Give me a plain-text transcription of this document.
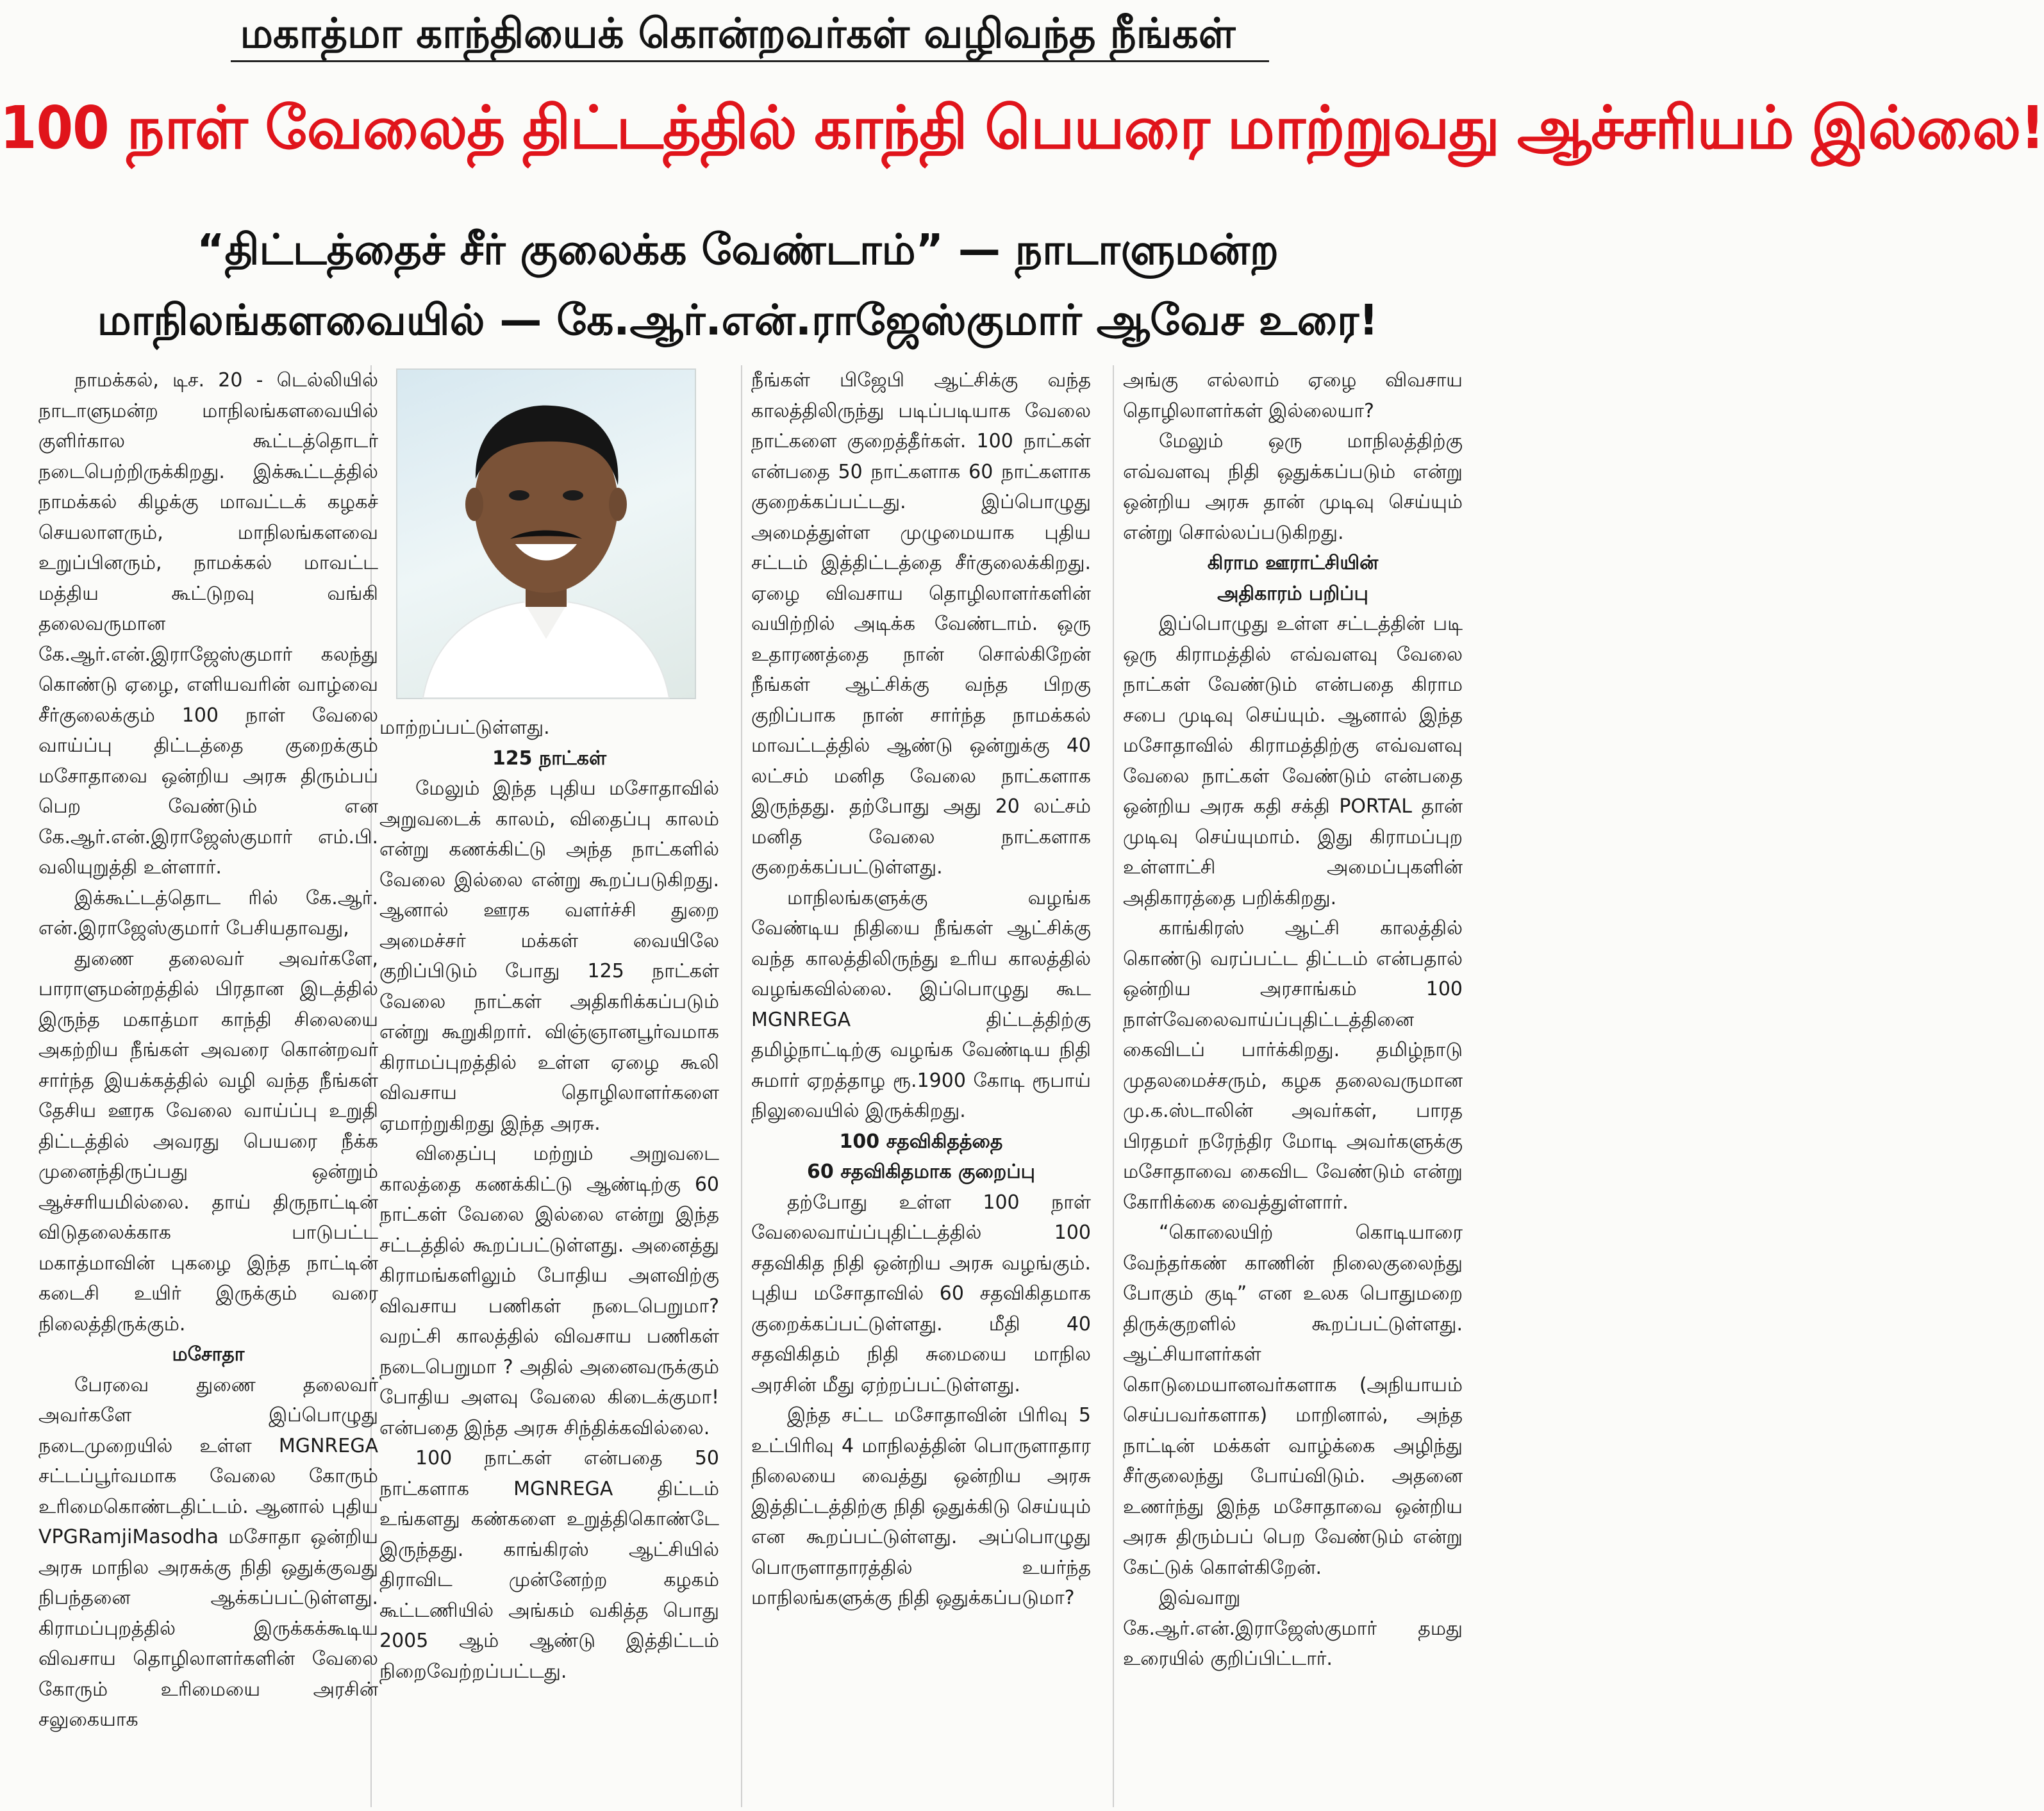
மகாத்மா காந்தியைக் கொன்றவர்கள் வழிவந்த நீங்கள்
100 நாள் வேலைத் திட்டத்தில் காந்தி பெயரை மாற்றுவது ஆச்சரியம் இல்லை!
“திட்டத்தைச் சீர் குலைக்க வேண்டாம்” — நாடாளுமன்ற
மாநிலங்களவையில் — கே.ஆர்.என்.ராஜேஸ்குமார் ஆவேச உரை!

நாமக்கல், டிச. 20 - டெல்லியில் நாடாளுமன்ற மாநிலங்களவையில் குளிர்கால கூட்டத்தொடர் நடைபெற்றிருக்கிறது. இக்கூட்டத்தில் நாமக்கல் கிழக்கு மாவட்டக் கழகச் செயலாளரும், மாநிலங்களவை உறுப்பினரும், நாமக்கல் மாவட்ட மத்திய கூட்டுறவு வங்கி தலைவருமான கே.ஆர்.என்.இராஜேஸ்குமார் கலந்து கொண்டு ஏழை, எளியவரின் வாழ்வை சீர்குலைக்கும் 100 நாள் வேலை வாய்ப்பு திட்டத்தை குறைக்கும் மசோதாவை ஒன்றிய அரசு திரும்பப் பெற வேண்டும் என கே.ஆர்.என்.இராஜேஸ்குமார் எம்.பி. வலியுறுத்தி உள்ளார்.

இக்கூட்டத்தொட ரில் கே.ஆர். என்.இராஜேஸ்குமார் பேசியதாவது,

துணை தலைவர் அவர்களே, பாராளுமன்றத்தில் பிரதான இடத்தில் இருந்த மகாத்மா காந்தி சிலையை அகற்றிய நீங்கள் அவரை கொன்றவர் சார்ந்த இயக்கத்தில் வழி வந்த நீங்கள் தேசிய ஊரக வேலை வாய்ப்பு உறுதி திட்டத்தில் அவரது பெயரை நீக்க முனைந்திருப்பது ஒன்றும் ஆச்சரியமில்லை. தாய் திருநாட்டின் விடுதலைக்காக பாடுபட்ட மகாத்மாவின் புகழை இந்த நாட்டின் கடைசி உயிர் இருக்கும் வரை நிலைத்திருக்கும்.

மசோதா

பேரவை துணை தலைவர் அவர்களே இப்பொழுது நடைமுறையில் உள்ள MGNREGA சட்டப்பூர்வமாக வேலை கோரும் உரிமைகொண்டதிட்டம். ஆனால் புதிய VPGRamjiMasodha மசோதா ஒன்றிய அரசு மாநில அரசுக்கு நிதி ஒதுக்குவது நிபந்தனை ஆக்கப்பட்டுள்ளது. கிராமப்புறத்தில் இருக்கக்கூடிய விவசாய தொழிலாளர்களின் வேலை கோரும் உரிமையை அரசின் சலுகையாக

மாற்றப்பட்டுள்ளது.

125 நாட்கள்

மேலும் இந்த புதிய மசோதாவில் அறுவடைக் காலம், விதைப்பு காலம் என்று கணக்கிட்டு அந்த நாட்களில் வேலை இல்லை என்று கூறப்படுகிறது. ஆனால் ஊரக வளர்ச்சி துறை அமைச்சர் மக்கள் வையிலே குறிப்பிடும் போது 125 நாட்கள் வேலை நாட்கள் அதிகரிக்கப்படும் என்று கூறுகிறார். விஞ்ஞானபூர்வமாக கிராமப்புறத்தில் உள்ள ஏழை கூலி விவசாய தொழிலாளர்களை ஏமாற்றுகிறது இந்த அரசு.

விதைப்பு மற்றும் அறுவடை காலத்தை கணக்கிட்டு ஆண்டிற்கு 60 நாட்கள் வேலை இல்லை என்று இந்த சட்டத்தில் கூறப்பட்டுள்ளது. அனைத்து கிராமங்களிலும் போதிய அளவிற்கு விவசாய பணிகள் நடைபெறுமா? வறட்சி காலத்தில் விவசாய பணிகள் நடைபெறுமா ? அதில் அனைவருக்கும் போதிய அளவு வேலை கிடைக்குமா! என்பதை இந்த அரசு சிந்திக்கவில்லை.

100 நாட்கள் என்பதை 50 நாட்களாக MGNREGA திட்டம் உங்களது கண்களை உறுத்திகொண்டே இருந்தது. காங்கிரஸ் ஆட்சியில் திராவிட முன்னேற்ற கழகம் கூட்டணியில் அங்கம் வகித்த பொது 2005 ஆம் ஆண்டு இத்திட்டம் நிறைவேற்றப்பட்டது.

நீங்கள் பிஜேபி ஆட்சிக்கு வந்த காலத்திலிருந்து படிப்படியாக வேலை நாட்களை குறைத்தீர்கள். 100 நாட்கள் என்பதை 50 நாட்களாக 60 நாட்களாக குறைக்கப்பட்டது. இப்பொழுது அமைத்துள்ள முழுமையாக புதிய சட்டம் இத்திட்டத்தை சீர்குலைக்கிறது. ஏழை விவசாய தொழிலாளர்களின் வயிற்றில் அடிக்க வேண்டாம். ஒரு உதாரணத்தை நான் சொல்கிறேன் நீங்கள் ஆட்சிக்கு வந்த பிறகு குறிப்பாக நான் சார்ந்த நாமக்கல் மாவட்டத்தில் ஆண்டு ஒன்றுக்கு 40 லட்சம் மனித வேலை நாட்களாக இருந்தது. தற்போது அது 20 லட்சம் மனித வேலை நாட்களாக குறைக்கப்பட்டுள்ளது.

மாநிலங்களுக்கு வழங்க வேண்டிய நிதியை நீங்கள் ஆட்சிக்கு வந்த காலத்திலிருந்து உரிய காலத்தில் வழங்கவில்லை. இப்பொழுது கூட MGNREGA திட்டத்திற்கு தமிழ்நாட்டிற்கு வழங்க வேண்டிய நிதி சுமார் ஏறத்தாழ ரூ.1900 கோடி ரூபாய் நிலுவையில் இருக்கிறது.

100 சதவிகிதத்தை

60 சதவிகிதமாக குறைப்பு

தற்போது உள்ள 100 நாள் வேலைவாய்ப்புதிட்டத்தில் 100 சதவிகித நிதி ஒன்றிய அரசு வழங்கும். புதிய மசோதாவில் 60 சதவிகிதமாக குறைக்கப்பட்டுள்ளது. மீதி 40 சதவிகிதம் நிதி சுமையை மாநில அரசின் மீது ஏற்றப்பட்டுள்ளது.

இந்த சட்ட மசோதாவின் பிரிவு 5 உட்பிரிவு 4 மாநிலத்தின் பொருளாதார நிலையை வைத்து ஒன்றிய அரசு இத்திட்டத்திற்கு நிதி ஒதுக்கிடு செய்யும் என கூறப்பட்டுள்ளது. அப்பொழுது பொருளாதாரத்தில் உயர்ந்த மாநிலங்களுக்கு நிதி ஒதுக்கப்படுமா?

அங்கு எல்லாம் ஏழை விவசாய தொழிலாளர்கள் இல்லையா?

மேலும் ஒரு மாநிலத்திற்கு எவ்வளவு நிதி ஒதுக்கப்படும் என்று ஒன்றிய அரசு தான் முடிவு செய்யும் என்று சொல்லப்படுகிறது.

கிராம ஊராட்சியின்

அதிகாரம் பறிப்பு

இப்பொழுது உள்ள சட்டத்தின் படி ஒரு கிராமத்தில் எவ்வளவு வேலை நாட்கள் வேண்டும் என்பதை கிராம சபை முடிவு செய்யும். ஆனால் இந்த மசோதாவில் கிராமத்திற்கு எவ்வளவு வேலை நாட்கள் வேண்டும் என்பதை ஒன்றிய அரசு கதி சக்தி PORTAL தான் முடிவு செய்யுமாம். இது கிராமப்புற உள்ளாட்சி அமைப்புகளின் அதிகாரத்தை பறிக்கிறது.

காங்கிரஸ் ஆட்சி காலத்தில் கொண்டு வரப்பட்ட திட்டம் என்பதால் ஒன்றிய அரசாங்கம் 100 நாள்வேலைவாய்ப்புதிட்டத்தினை கைவிடப் பார்க்கிறது. தமிழ்நாடு முதலமைச்சரும், கழக தலைவருமான மு.க.ஸ்டாலின் அவர்கள், பாரத பிரதமர் நரேந்திர மோடி அவர்களுக்கு மசோதாவை கைவிட வேண்டும் என்று கோரிக்கை வைத்துள்ளார்.

“கொலையிற் கொடியாரை வேந்தர்கண் காணின் நிலைகுலைந்து போகும் குடி” என உலக பொதுமறை திருக்குறளில் கூறப்பட்டுள்ளது. ஆட்சியாளர்கள் கொடுமையானவர்களாக (அநியாயம் செய்பவர்களாக) மாறினால், அந்த நாட்டின் மக்கள் வாழ்க்கை அழிந்து சீர்குலைந்து போய்விடும். அதனை உணர்ந்து இந்த மசோதாவை ஒன்றிய அரசு திரும்பப் பெற வேண்டும் என்று கேட்டுக் கொள்கிறேன்.

இவ்வாறு கே.ஆர்.என்.இராஜேஸ்குமார் தமது உரையில் குறிப்பிட்டார்.
